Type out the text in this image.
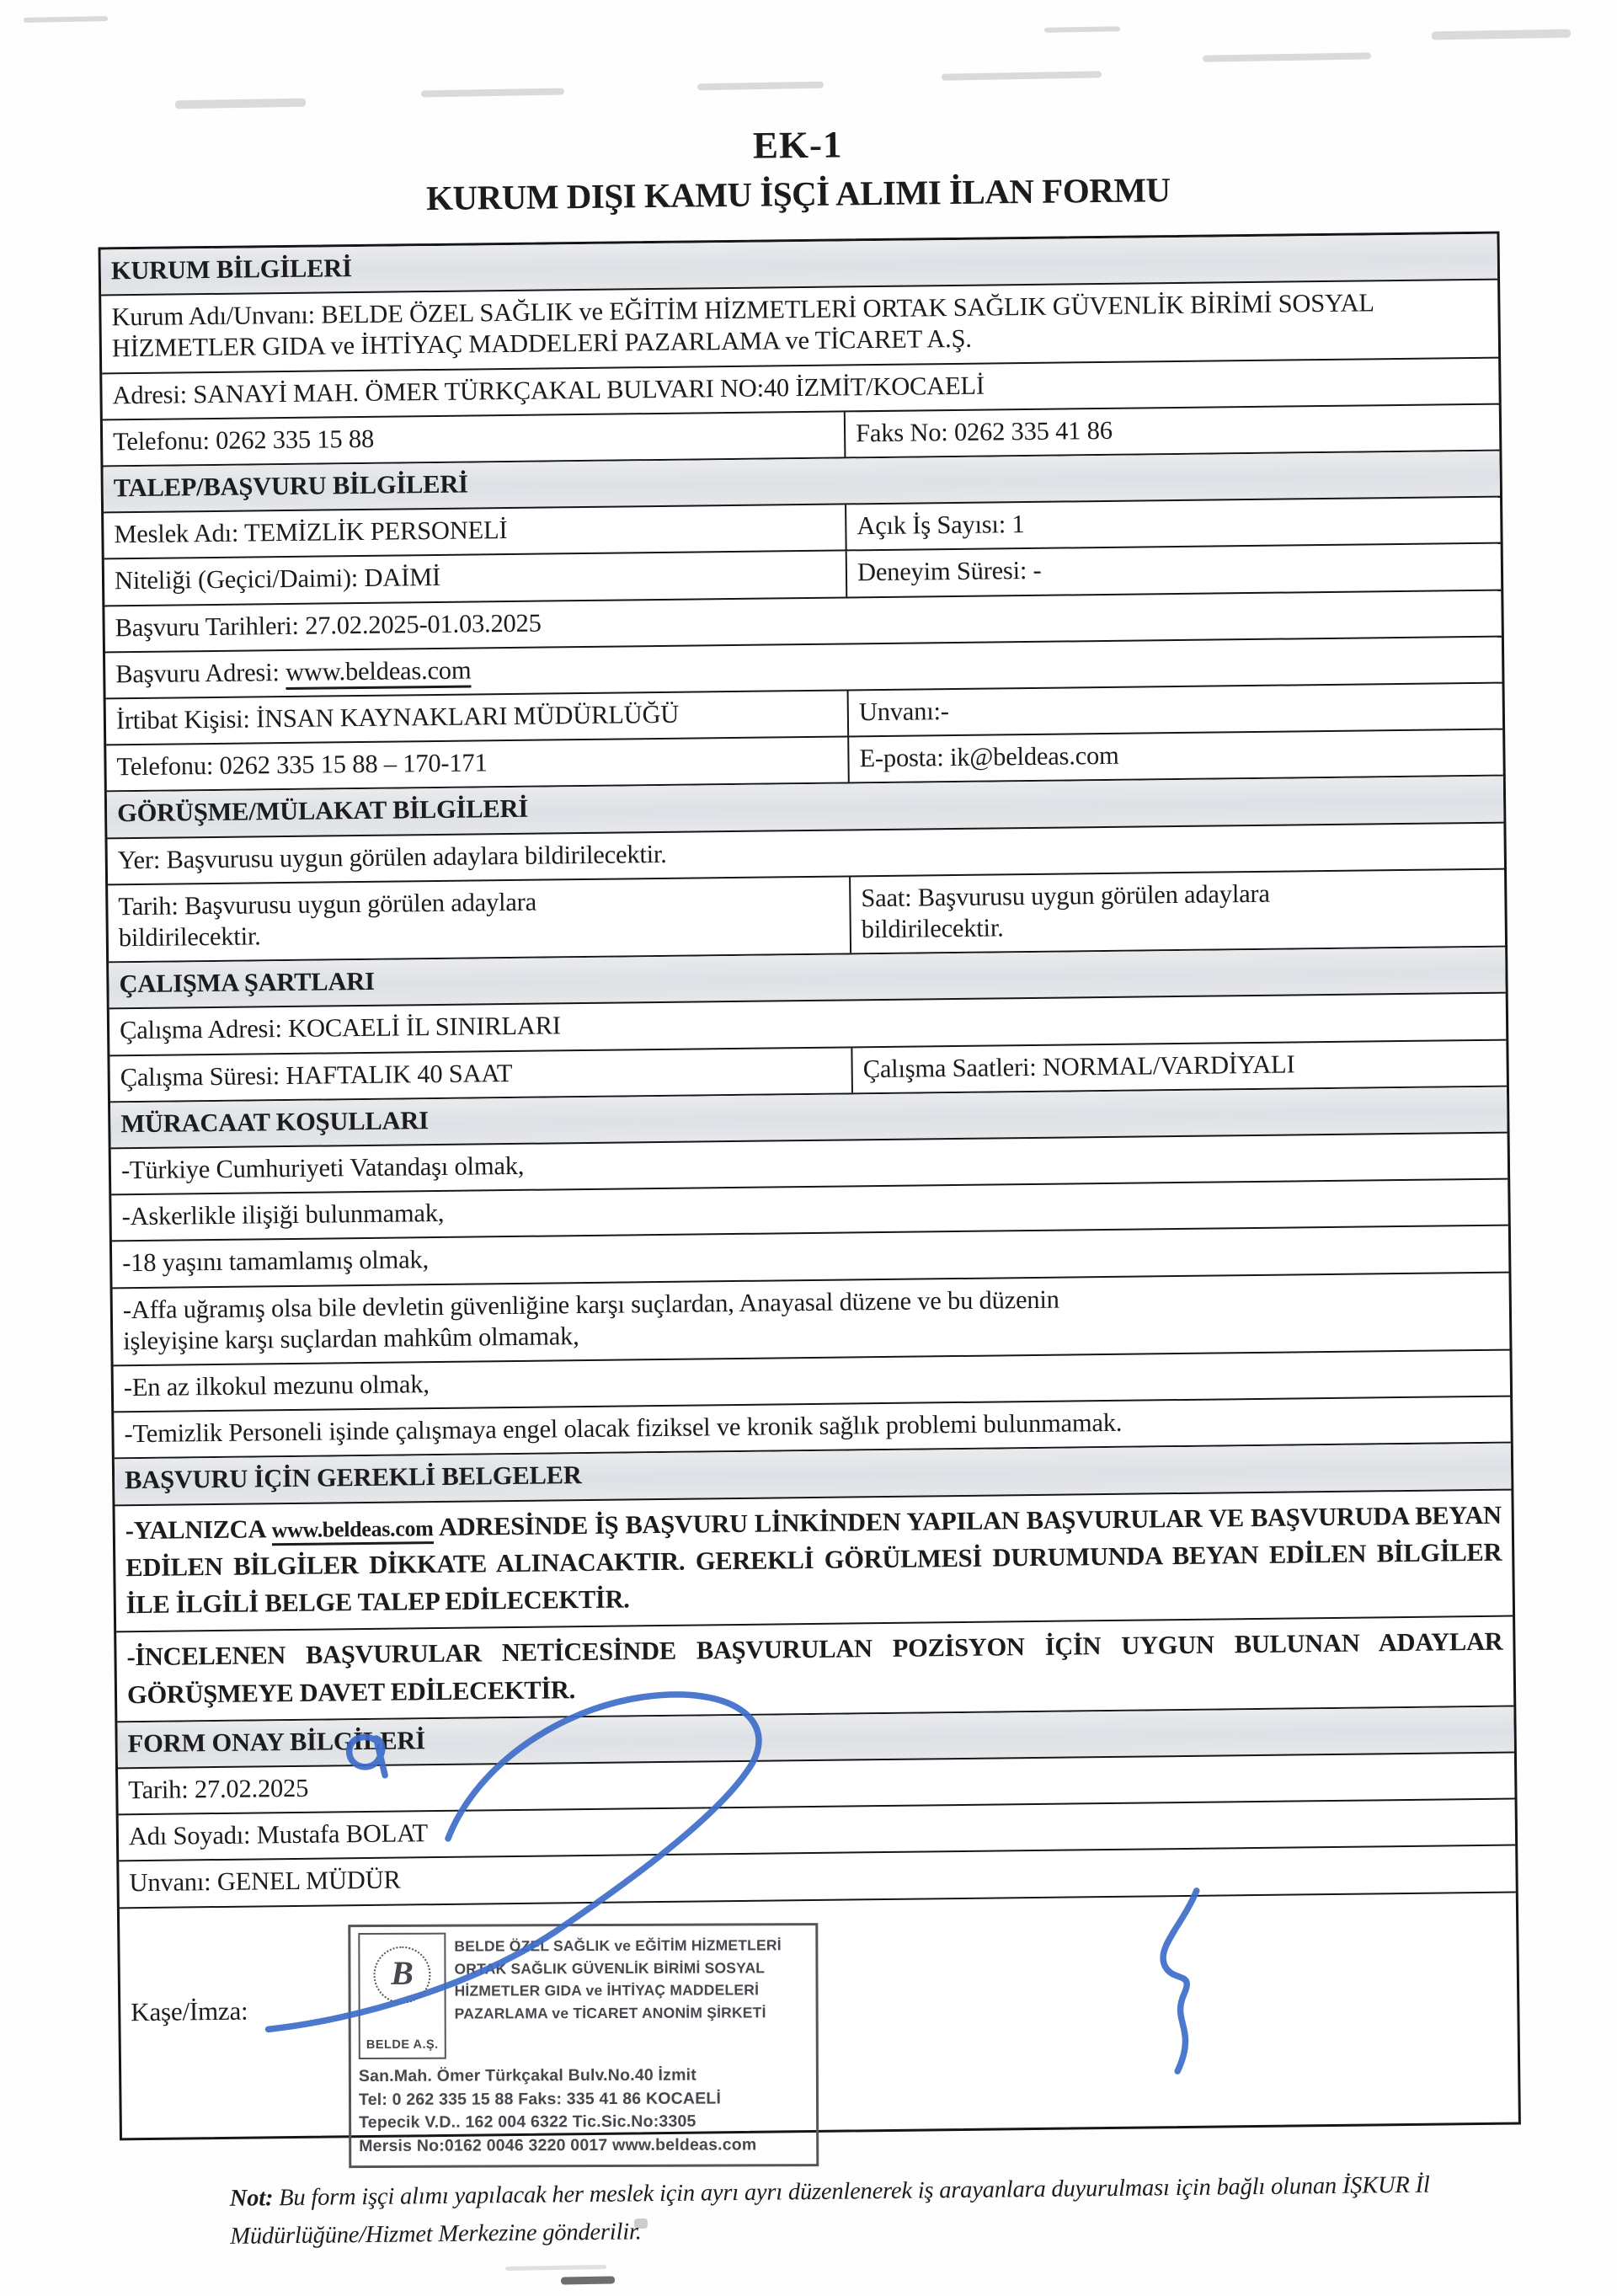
EK-1
KURUM DIŞI KAMU İŞÇİ ALIMI İLAN FORMU
KURUM BİLGİLERİ
Kurum Adı/Unvanı: BELDE ÖZEL SAĞLIK ve EĞİTİM HİZMETLERİ ORTAK SAĞLIK GÜVENLİK BİRİMİ SOSYAL HİZMETLER GIDA ve İHTİYAÇ MADDELERİ PAZARLAMA ve TİCARET A.Ş.
Adresi: SANAYİ MAH. ÖMER TÜRKÇAKAL BULVARI NO:40 İZMİT/KOCAELİ
Telefonu: 0262 335 15 88	Faks No: 0262 335 41 86
TALEP/BAŞVURU BİLGİLERİ
Meslek Adı: TEMİZLİK PERSONELİ	Açık İş Sayısı: 1
Niteliği (Geçici/Daimi): DAİMİ	Deneyim Süresi: -
Başvuru Tarihleri: 27.02.2025-01.03.2025
Başvuru Adresi: www.beldeas.com
İrtibat Kişisi: İNSAN KAYNAKLARI MÜDÜRLÜĞÜ	Unvanı:-
Telefonu: 0262 335 15 88 – 170-171	E-posta: ik@beldeas.com
GÖRÜŞME/MÜLAKAT BİLGİLERİ
Yer: Başvurusu uygun görülen adaylara bildirilecektir.
Tarih: Başvurusu uygun görülen adaylara
bildirilecektir.
Saat: Başvurusu uygun görülen adaylara
bildirilecektir.
ÇALIŞMA ŞARTLARI
Çalışma Adresi: KOCAELİ İL SINIRLARI
Çalışma Süresi: HAFTALIK 40 SAAT	Çalışma Saatleri: NORMAL/VARDİYALI
MÜRACAAT KOŞULLARI
-Türkiye Cumhuriyeti Vatandaşı olmak,
-Askerlikle ilişiği bulunmamak,
-18 yaşını tamamlamış olmak,
-Affa uğramış olsa bile devletin güvenliğine karşı suçlardan, Anayasal düzene ve bu düzenin
işleyişine karşı suçlardan mahkûm olmamak,
-En az ilkokul mezunu olmak,
-Temizlik Personeli işinde çalışmaya engel olacak fiziksel ve kronik sağlık problemi bulunmamak.
BAŞVURU İÇİN GEREKLİ BELGELER
-YALNIZCA www.beldeas.com ADRESİNDE İŞ BAŞVURU LİNKİNDEN YAPILAN BAŞVURULAR VE BAŞVURUDA BEYAN EDİLEN BİLGİLER DİKKATE ALINACAKTIR. GEREKLİ GÖRÜLMESİ DURUMUNDA BEYAN EDİLEN BİLGİLER İLE İLGİLİ BELGE TALEP EDİLECEKTİR.
-İNCELENEN BAŞVURULAR NETİCESİNDE BAŞVURULAN POZİSYON İÇİN UYGUN BULUNAN ADAYLAR GÖRÜŞMEYE DAVET EDİLECEKTİR.
FORM ONAY BİLGİLERİ
Tarih: 27.02.2025
Adı Soyadı: Mustafa BOLAT
Unvanı: GENEL MÜDÜR
Kaşe/İmza:
B
BELDE A.Ş.
BELDE ÖZEL SAĞLIK ve EĞİTİM HİZMETLERİ
ORTAK SAĞLIK GÜVENLİK BİRİMİ SOSYAL
HİZMETLER GIDA ve İHTİYAÇ MADDELERİ
PAZARLAMA ve TİCARET ANONİM ŞİRKETİ
San.Mah. Ömer Türkçakal Bulv.No.40 İzmit
Tel: 0 262 335 15 88 Faks: 335 41 86 KOCAELİ
Tepecik V.D.. 162 004 6322 Tic.Sic.No:3305
Mersis No:0162 0046 3220 0017 www.beldeas.com
Not: Bu form işçi alımı yapılacak her meslek için ayrı ayrı düzenlenerek iş arayanlara duyurulması için bağlı olunan İŞKUR İl Müdürlüğüne/Hizmet Merkezine gönderilir.
